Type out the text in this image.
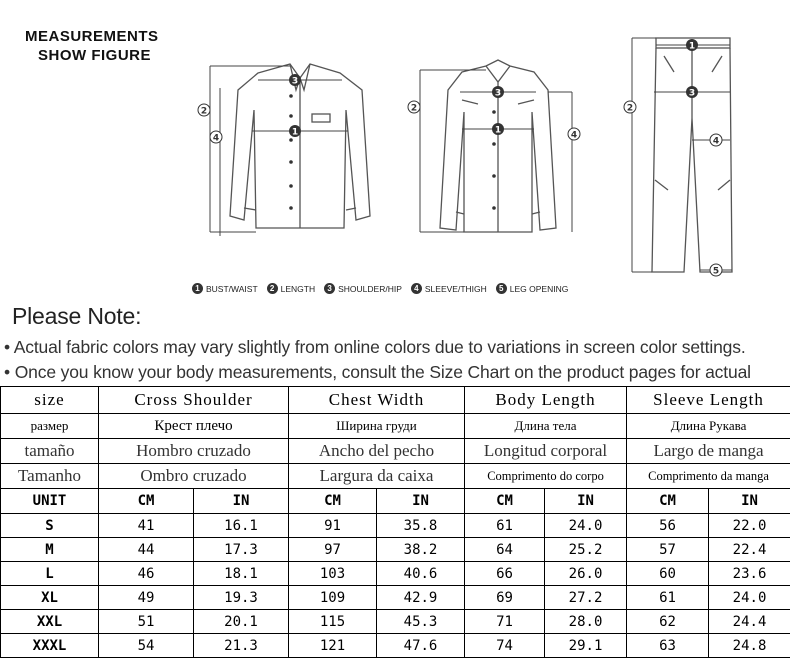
MEASUREMENTS
SHOW FIGURE
3
1
2
4
3
1
2
4
1
3
2
4
5
1 BUST/WAIST	2 LENGTH	3 SHOULDER/HIP	4 SLEEVE/THIGH	5 LEG OPENING
Please Note:
• Actual fabric colors may vary slightly from online colors due to variations in screen color settings.
• Once you know your body measurements, consult the Size Chart on the product pages for actual
size	Cross Shoulder		Chest Width		Body Length		Sleeve Length	
размер	Крест плечо		Ширина груди		Длина тела		Длина Рукава	
tamaño	Hombro cruzado		Ancho del pecho		Longitud corporal		Largo de manga	
Tamanho	Ombro cruzado		Largura da caixa		Comprimento do corpo		Comprimento da manga	
UNIT	CM	IN	CM	IN	CM	IN	CM	IN
S	41	16.1	91	35.8	61	24.0	56	22.0
M	44	17.3	97	38.2	64	25.2	57	22.4
L	46	18.1	103	40.6	66	26.0	60	23.6
XL	49	19.3	109	42.9	69	27.2	61	24.0
XXL	51	20.1	115	45.3	71	28.0	62	24.4
XXXL	54	21.3	121	47.6	74	29.1	63	24.8
